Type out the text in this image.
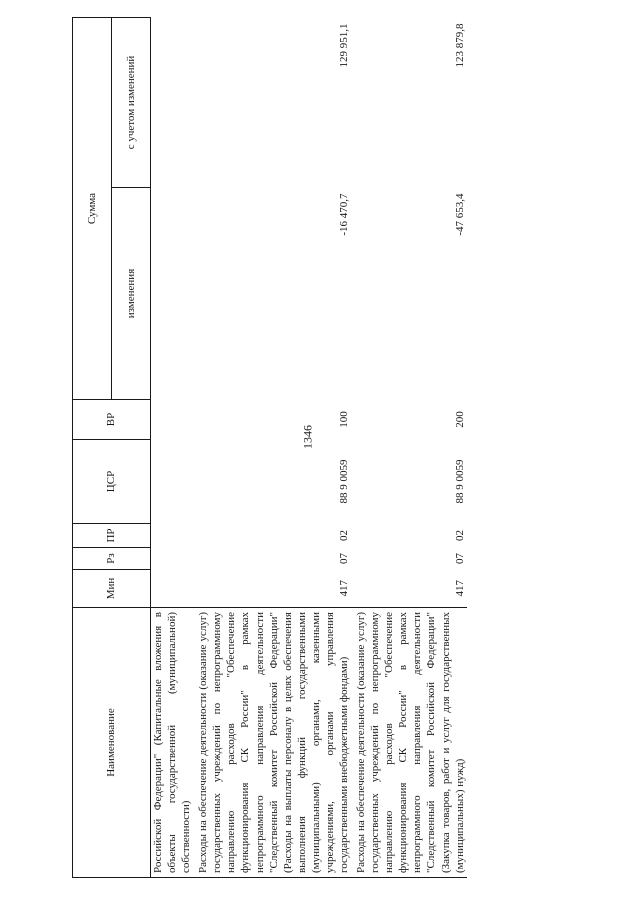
1346
Наименование	Мин	Рз	ПР	ЦСР	ВР	Сумма	
						изменения	с учетом изменений
Российской Федерации" (Капитальные вложения в объекты государственной (муниципальной) собственности)							

Расходы на обеспечение деятельности (оказание услуг) государственных учреждений по непрограммному направлению расходов "Обеспечение функционирования СК России" в рамках непрограммного направления деятельности "Следственный комитет Российской Федерации" (Расходы на выплаты персоналу в целях обеспечения выполнения функций государственными (муниципальными) органами, казенными учреждениями, органами управления государственными внебюджетными фондами)	417	07	02	88 9 0059	100	-16 470,7	129 951,1

Расходы на обеспечение деятельности (оказание услуг) государственных учреждений по непрограммному направлению расходов "Обеспечение функционирования СК России" в рамках непрограммного направления деятельности "Следственный комитет Российской Федерации" (Закупка товаров, работ и услуг для государственных (муниципальных) нужд)	417	07	02	88 9 0059	200	-47 653,4	123 879,8
